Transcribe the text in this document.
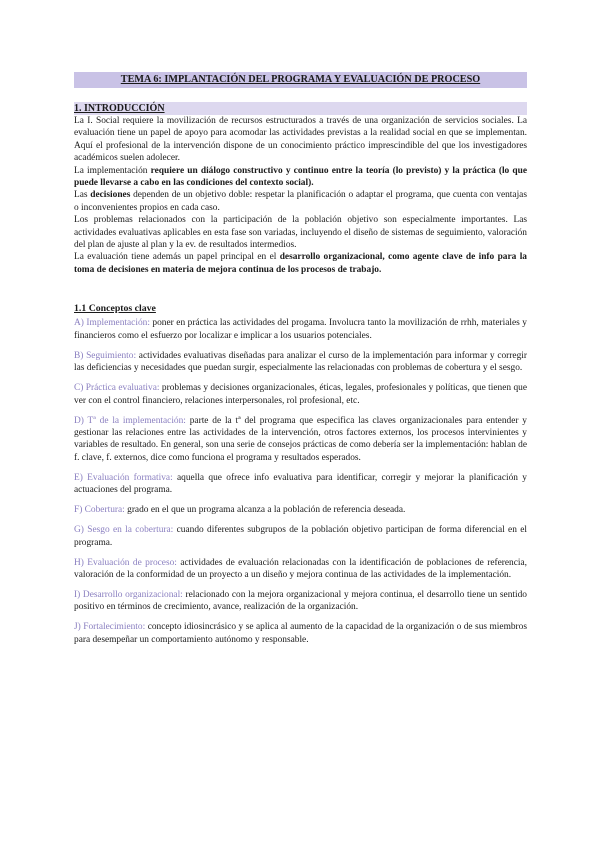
TEMA 6: IMPLANTACIÓN DEL PROGRAMA Y EVALUACIÓN DE PROCESO
1. INTRODUCCIÓN

La I. Social requiere la movilización de recursos estructurados a través de una organización de servicios sociales. La evaluación tiene un papel de apoyo para acomodar las actividades previstas a la realidad social en que se implementan. Aquí el profesional de la intervención dispone de un conocimiento práctico imprescindible del que los investigadores académicos suelen adolecer.

La implementación requiere un diálogo constructivo y continuo entre la teoría (lo previsto) y la práctica (lo que puede llevarse a cabo en las condiciones del contexto social).

Las decisiones dependen de un objetivo doble: respetar la planificación o adaptar el programa, que cuenta con ventajas o inconvenientes propios en cada caso.

Los problemas relacionados con la participación de la población objetivo son especialmente importantes. Las actividades evaluativas aplicables en esta fase son variadas, incluyendo el diseño de sistemas de seguimiento, valoración del plan de ajuste al plan y la ev. de resultados intermedios.

La evaluación tiene además un papel principal en el desarrollo organizacional, como agente clave de info para la toma de decisiones en materia de mejora continua de los procesos de trabajo.

1.1 Conceptos clave

A) Implementación: poner en práctica las actividades del progama. Involucra tanto la movilización de rrhh, materiales y financieros como el esfuerzo por localizar e implicar a los usuarios potenciales.

B) Seguimiento: actividades evaluativas diseñadas para analizar el curso de la implementación para informar y corregir las deficiencias y necesidades que puedan surgir, especialmente las relacionadas con problemas de cobertura y el sesgo.

C) Práctica evaluativa: problemas y decisiones organizacionales, éticas, legales, profesionales y políticas, que tienen que ver con el control financiero, relaciones interpersonales, rol profesional, etc.

D) Tª de la implementación: parte de la tª del programa que especifica las claves organizacionales para entender y gestionar las relaciones entre las actividades de la intervención, otros factores externos, los procesos intervinientes y variables de resultado. En general, son una serie de consejos prácticas de como debería ser la implementación: hablan de f. clave, f. externos, dice como funciona el programa y resultados esperados.

E) Evaluación formativa: aquella que ofrece info evaluativa para identificar, corregir y mejorar la planificación y actuaciones del programa.

F) Cobertura: grado en el que un programa alcanza a la población de referencia deseada.

G) Sesgo en la cobertura: cuando diferentes subgrupos de la población objetivo participan de forma diferencial en el programa.

H) Evaluación de proceso: actividades de evaluación relacionadas con la identificación de poblaciones de referencia, valoración de la conformidad de un proyecto a un diseño y mejora continua de las actividades de la implementación.

I) Desarrollo organizacional: relacionado con la mejora organizacional y mejora continua, el desarrollo tiene un sentido positivo en términos de crecimiento, avance, realización de la organización.

J) Fortalecimiento: concepto idiosincrásico y se aplica al aumento de la capacidad de la organización o de sus miembros para desempeñar un comportamiento autónomo y responsable.
